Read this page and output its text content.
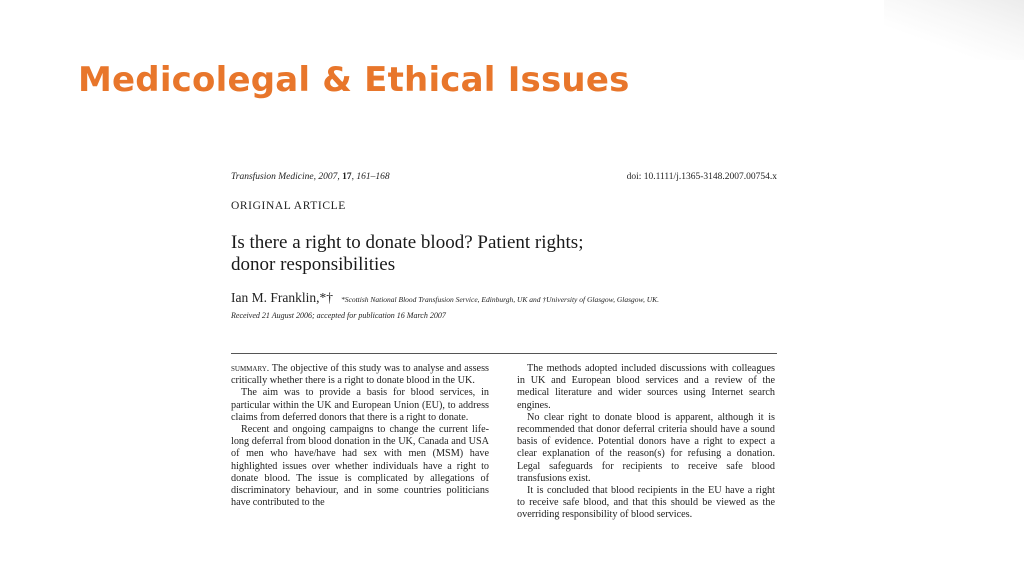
Medicolegal & Ethical Issues
Transfusion Medicine, 2007, 17, 161–168	doi: 10.1111/j.1365-3148.2007.00754.x
ORIGINAL ARTICLE
Is there a right to donate blood? Patient rights;
donor responsibilities
Ian M. Franklin,*† *Scottish National Blood Transfusion Service, Edinburgh, UK and †University of Glasgow, Glasgow, UK.
Received 21 August 2006; accepted for publication 16 March 2007

summary. The objective of this study was to analyse and assess critically whether there is a right to donate blood in the UK.

The aim was to provide a basis for blood services, in particular within the UK and European Union (EU), to address claims from deferred donors that there is a right to donate.

Recent and ongoing campaigns to change the current life-long deferral from blood donation in the UK, Canada and USA of men who have/have had sex with men (MSM) have highlighted issues over whether individuals have a right to donate blood. The issue is complicated by allegations of discriminatory behaviour, and in some countries politicians have contributed to the

The methods adopted included discussions with colleagues in UK and European blood services and a review of the medical literature and wider sources using Internet search engines.

No clear right to donate blood is apparent, although it is recommended that donor deferral criteria should have a sound basis of evidence. Potential donors have a right to expect a clear explanation of the reason(s) for refusing a donation. Legal safeguards for recipients to receive safe blood transfusions exist.

It is concluded that blood recipients in the EU have a right to receive safe blood, and that this should be viewed as the overriding responsibility of blood services.
